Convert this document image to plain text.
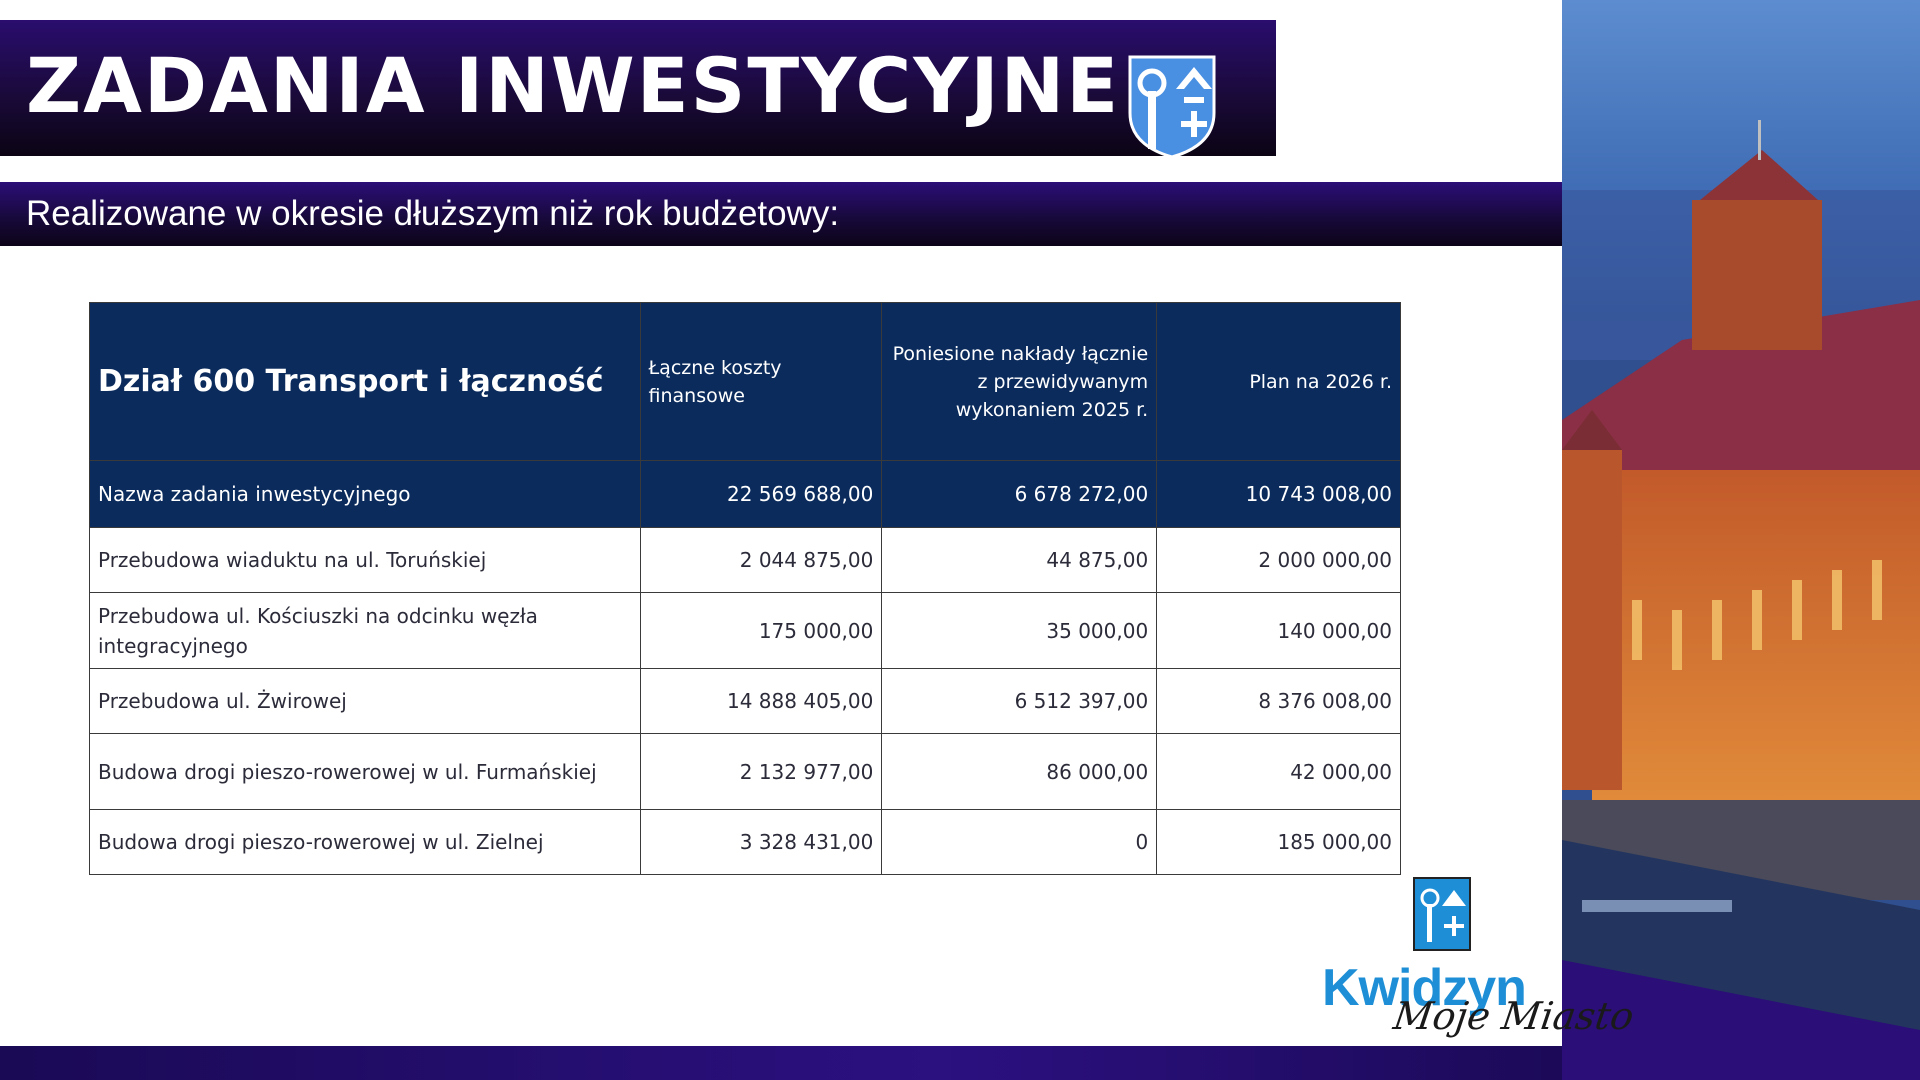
ZADANIA INWESTYCYJNE
Realizowane w okresie dłuższym niż rok budżetowy:
Dział 600 Transport i łączność	Łączne koszty finansowe	Poniesione nakłady łącznie z przewidywanym wykonaniem 2025 r.	Plan na 2026 r.
Nazwa zadania inwestycyjnego	22 569 688,00	6 678 272,00	10 743 008,00
Przebudowa wiaduktu na ul. Toruńskiej	2 044 875,00	44 875,00	2 000 000,00
Przebudowa ul. Kościuszki na odcinku węzła integracyjnego	175 000,00	35 000,00	140 000,00
Przebudowa ul. Żwirowej	14 888 405,00	6 512 397,00	8 376 008,00
Budowa drogi pieszo-rowerowej w ul. Furmańskiej	2 132 977,00	86 000,00	42 000,00
Budowa drogi pieszo-rowerowej w ul. Zielnej	3 328 431,00	0	185 000,00
Kwidzyn
Moje Miasto
